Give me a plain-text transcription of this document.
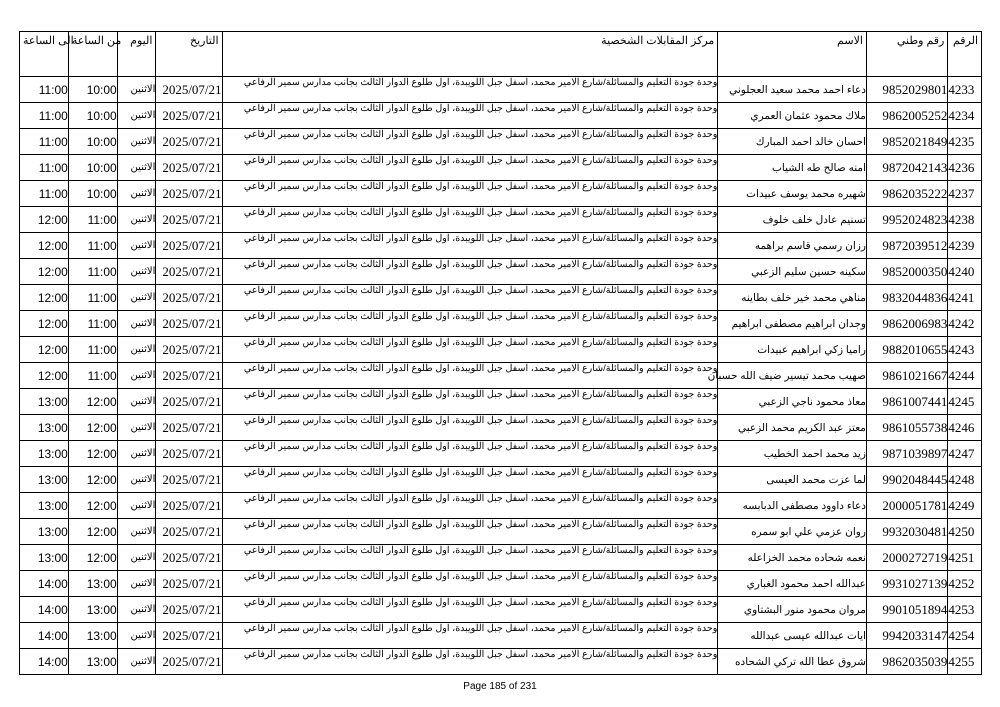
الى الساعة	من الساعة	اليوم	التاريخ	مركز المقابلات الشخصية	الاسم	رقم وطني	الرقم
11:00	10:00	الاثنين	2025/07/21	وحدة جودة التعليم والمسائلة/شارع الامير محمد، اسفل جبل اللويبدة، اول طلوع الدوار الثالث بجانب مدارس سمير الرفاعي	دعاء احمد محمد سعيد العجلوني	9852029801	4233
11:00	10:00	الاثنين	2025/07/21	وحدة جودة التعليم والمسائلة/شارع الامير محمد، اسفل جبل اللويبدة، اول طلوع الدوار الثالث بجانب مدارس سمير الرفاعي	ملاك محمود عثمان العمري	9862005252	4234
11:00	10:00	الاثنين	2025/07/21	وحدة جودة التعليم والمسائلة/شارع الامير محمد، اسفل جبل اللويبدة، اول طلوع الدوار الثالث بجانب مدارس سمير الرفاعي	احسان خالد احمد المبارك	9852021849	4235
11:00	10:00	الاثنين	2025/07/21	وحدة جودة التعليم والمسائلة/شارع الامير محمد، اسفل جبل اللويبدة، اول طلوع الدوار الثالث بجانب مدارس سمير الرفاعي	امنه صالح طه الشياب	9872042143	4236
11:00	10:00	الاثنين	2025/07/21	وحدة جودة التعليم والمسائلة/شارع الامير محمد، اسفل جبل اللويبدة، اول طلوع الدوار الثالث بجانب مدارس سمير الرفاعي	شهيره محمد يوسف عبيدات	9862035222	4237
12:00	11:00	الاثنين	2025/07/21	وحدة جودة التعليم والمسائلة/شارع الامير محمد، اسفل جبل اللويبدة، اول طلوع الدوار الثالث بجانب مدارس سمير الرفاعي	تسنيم عادل خلف خلوف	9952024823	4238
12:00	11:00	الاثنين	2025/07/21	وحدة جودة التعليم والمسائلة/شارع الامير محمد، اسفل جبل اللويبدة، اول طلوع الدوار الثالث بجانب مدارس سمير الرفاعي	رزان رسمي قاسم براهمه	9872039512	4239
12:00	11:00	الاثنين	2025/07/21	وحدة جودة التعليم والمسائلة/شارع الامير محمد، اسفل جبل اللويبدة، اول طلوع الدوار الثالث بجانب مدارس سمير الرفاعي	سكينه حسين سليم الزعبي	9852000350	4240
12:00	11:00	الاثنين	2025/07/21	وحدة جودة التعليم والمسائلة/شارع الامير محمد، اسفل جبل اللويبدة، اول طلوع الدوار الثالث بجانب مدارس سمير الرفاعي	مناهي محمد خير خلف بطاينه	9832044836	4241
12:00	11:00	الاثنين	2025/07/21	وحدة جودة التعليم والمسائلة/شارع الامير محمد، اسفل جبل اللويبدة، اول طلوع الدوار الثالث بجانب مدارس سمير الرفاعي	وجدان ابراهيم مصطفى ابراهيم	9862006983	4242
12:00	11:00	الاثنين	2025/07/21	وحدة جودة التعليم والمسائلة/شارع الامير محمد، اسفل جبل اللويبدة، اول طلوع الدوار الثالث بجانب مدارس سمير الرفاعي	راميا زكي ابراهيم عبيدات	9882010655	4243
12:00	11:00	الاثنين	2025/07/21	وحدة جودة التعليم والمسائلة/شارع الامير محمد، اسفل جبل اللويبدة، اول طلوع الدوار الثالث بجانب مدارس سمير الرفاعي	صهيب محمد تيسير ضيف الله حسبان	9861021667	4244
13:00	12:00	الاثنين	2025/07/21	وحدة جودة التعليم والمسائلة/شارع الامير محمد، اسفل جبل اللويبدة، اول طلوع الدوار الثالث بجانب مدارس سمير الرفاعي	معاذ محمود ناجي الزعبي	9861007441	4245
13:00	12:00	الاثنين	2025/07/21	وحدة جودة التعليم والمسائلة/شارع الامير محمد، اسفل جبل اللويبدة، اول طلوع الدوار الثالث بجانب مدارس سمير الرفاعي	معتز عبد الكريم محمد الزعبي	9861055738	4246
13:00	12:00	الاثنين	2025/07/21	وحدة جودة التعليم والمسائلة/شارع الامير محمد، اسفل جبل اللويبدة، اول طلوع الدوار الثالث بجانب مدارس سمير الرفاعي	زيد محمد احمد الخطيب	9871039897	4247
13:00	12:00	الاثنين	2025/07/21	وحدة جودة التعليم والمسائلة/شارع الامير محمد، اسفل جبل اللويبدة، اول طلوع الدوار الثالث بجانب مدارس سمير الرفاعي	لما عزت محمد العيسى	9902048445	4248
13:00	12:00	الاثنين	2025/07/21	وحدة جودة التعليم والمسائلة/شارع الامير محمد، اسفل جبل اللويبدة، اول طلوع الدوار الثالث بجانب مدارس سمير الرفاعي	دعاء داوود مصطفى الدبابسه	2000051781	4249
13:00	12:00	الاثنين	2025/07/21	وحدة جودة التعليم والمسائلة/شارع الامير محمد، اسفل جبل اللويبدة، اول طلوع الدوار الثالث بجانب مدارس سمير الرفاعي	روان عزمي علي ابو سمره	9932030481	4250
13:00	12:00	الاثنين	2025/07/21	وحدة جودة التعليم والمسائلة/شارع الامير محمد، اسفل جبل اللويبدة، اول طلوع الدوار الثالث بجانب مدارس سمير الرفاعي	نعمه شحاده محمد الخزاعله	2000272719	4251
14:00	13:00	الاثنين	2025/07/21	وحدة جودة التعليم والمسائلة/شارع الامير محمد، اسفل جبل اللويبدة، اول طلوع الدوار الثالث بجانب مدارس سمير الرفاعي	عبدالله احمد محمود الغباري	9931027139	4252
14:00	13:00	الاثنين	2025/07/21	وحدة جودة التعليم والمسائلة/شارع الامير محمد، اسفل جبل اللويبدة، اول طلوع الدوار الثالث بجانب مدارس سمير الرفاعي	مروان محمود منور البشتاوي	9901051894	4253
14:00	13:00	الاثنين	2025/07/21	وحدة جودة التعليم والمسائلة/شارع الامير محمد، اسفل جبل اللويبدة، اول طلوع الدوار الثالث بجانب مدارس سمير الرفاعي	ايات عبدالله عيسى عبدالله	9942033147	4254
14:00	13:00	الاثنين	2025/07/21	وحدة جودة التعليم والمسائلة/شارع الامير محمد، اسفل جبل اللويبدة، اول طلوع الدوار الثالث بجانب مدارس سمير الرفاعي	شروق عطا الله تركي الشحاده	9862035039	4255
Page 185 of 231
